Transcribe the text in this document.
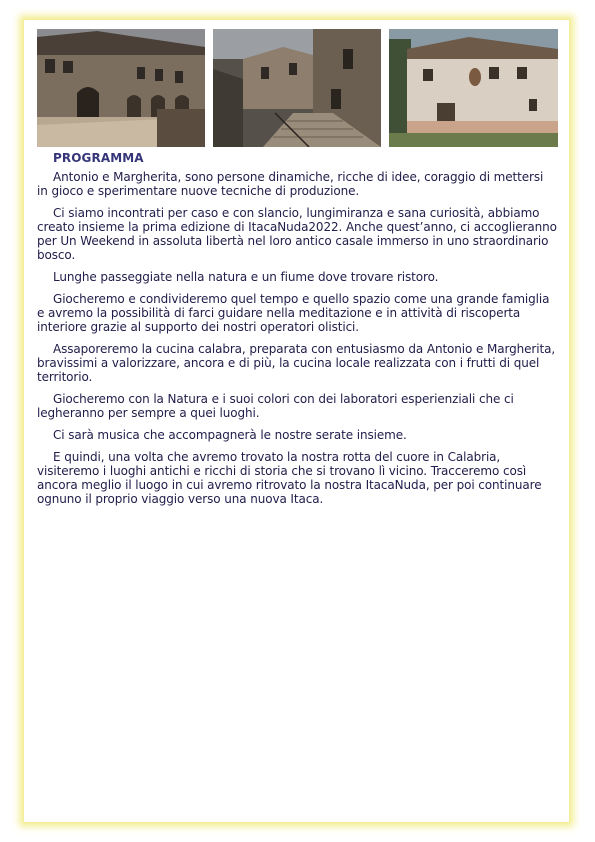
PROGRAMMA

Antonio e Margherita, sono persone dinamiche, ricche di idee, coraggio di mettersi in gioco e sperimentare nuove tecniche di produzione.

Ci siamo incontrati per caso e con slancio, lungimiranza e sana curiosità, abbiamo creato insieme la prima edizione di ItacaNuda2022. Anche quest’anno, ci accoglieranno per Un Weekend in assoluta libertà nel loro antico casale immerso in uno straordinario bosco.

Lunghe passeggiate nella natura e un fiume dove trovare ristoro.

Giocheremo e condivideremo quel tempo e quello spazio come una grande famiglia e avremo la possibilità di farci guidare nella meditazione e in attività di riscoperta interiore grazie al supporto dei nostri operatori olistici.

Assaporeremo la cucina calabra, preparata con entusiasmo da Antonio e Margherita, bravissimi a valorizzare, ancora e di più, la cucina locale realizzata con i frutti di quel territorio.

Giocheremo con la Natura e i suoi colori con dei laboratori esperienziali che ci legheranno per sempre a quei luoghi.

Ci sarà musica che accompagnerà le nostre serate insieme.

E quindi, una volta che avremo trovato la nostra rotta del cuore in Calabria, visiteremo i luoghi antichi e ricchi di storia che si trovano lì vicino. Tracceremo così ancora meglio il luogo in cui avremo ritrovato la nostra ItacaNuda, per poi continuare ognuno il proprio viaggio verso una nuova Itaca.
